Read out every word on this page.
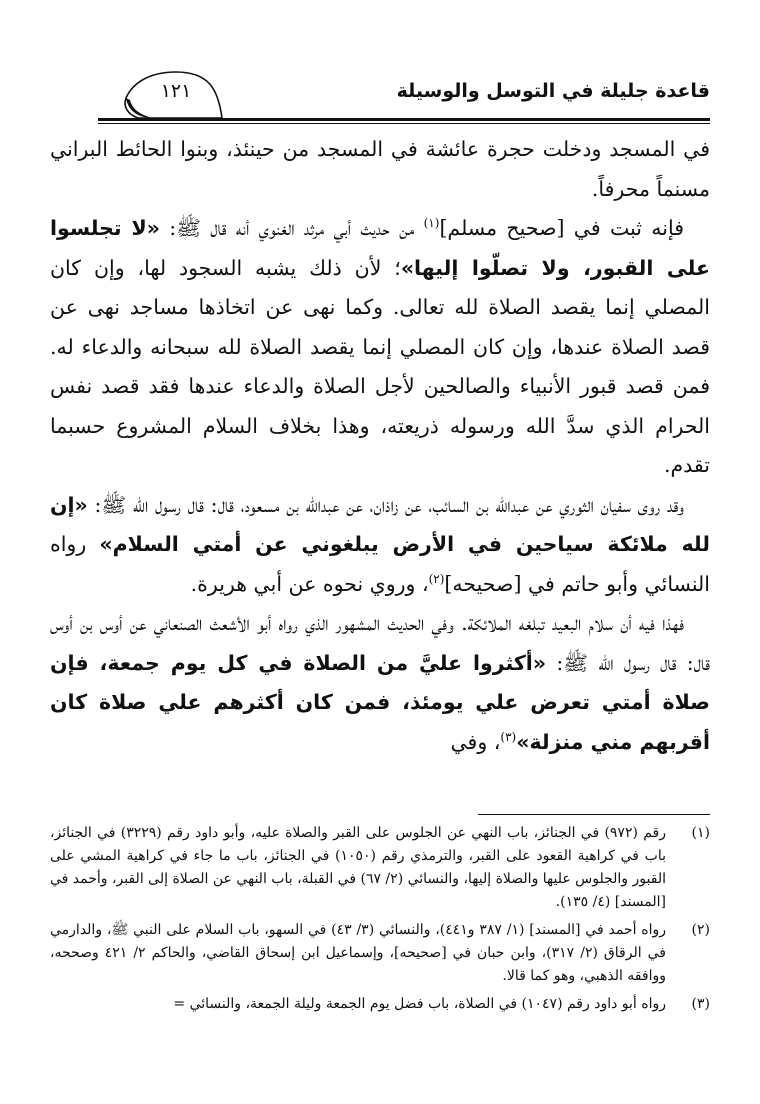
قاعدة جليلة في التوسل والوسيلة
١٢١

في المسجد ودخلت حجرة عائشة في المسجد من حينئذ، وبنوا الحائط البراني مسنماً محرفاً.

فإنه ثبت في [صحيح مسلم]$^{(١)}$ من حديث أبي مرثد الغنوي أنه قال ﷺ: «لا تجلسوا على القبور، ولا تصلّوا إليها»؛ لأن ذلك يشبه السجود لها، وإن كان المصلي إنما يقصد الصلاة لله تعالى. وكما نهى عن اتخاذها مساجد نهى عن قصد الصلاة عندها، وإن كان المصلي إنما يقصد الصلاة لله سبحانه والدعاء له. فمن قصد قبور الأنبياء والصالحين لأجل الصلاة والدعاء عندها فقد قصد نفس الحرام الذي سدَّ الله ورسوله ذريعته، وهذا بخلاف السلام المشروع حسبما تقدم.

وقد روى سفيان الثوري عن عبدالله بن السائب، عن زاذان، عن عبدالله بن مسعود، قال: قال رسول الله ﷺ: «إن لله ملائكة سياحين في الأرض يبلغوني عن أمتي السلام» رواه النسائي وأبو حاتم في [صحيحه]$^{(٢)}$، وروي نحوه عن أبي هريرة.

فهذا فيه أن سلام البعيد تبلغه الملائكة. وفي الحديث المشهور الذي رواه أبو الأشعث الصنعاني عن أوس بن أوس قال: قال رسول الله ﷺ: «أكثروا عليَّ من الصلاة في كل يوم جمعة، فإن صلاة أمتي تعرض علي يومئذ، فمن كان أكثرهم علي صلاة كان أقربهم مني منزلة»$^{(٣)}$، وفي

(١)
رقم (٩٧٢) في الجنائز، باب النهي عن الجلوس على القبر والصلاة عليه، وأبو داود رقم (٣٢٢٩) في الجنائز، باب في كراهية القعود على القبر، والترمذي رقم (١٠٥٠) في الجنائز، باب ما جاء في كراهية المشي على القبور والجلوس عليها والصلاة إليها، والنسائي (٢/ ٦٧) في القبلة، باب النهي عن الصلاة إلى القبر، وأحمد في [المسند] (٤/ ١٣٥).
(٢)
رواه أحمد في [المسند] (١/ ٣٨٧ و٤٤١)، والنسائي (٣/ ٤٣) في السهو، باب السلام على النبي ﷺ، والدارمي في الرقاق (٢/ ٣١٧)، وابن حبان في [صحيحه]، وإسماعيل ابن إسحاق القاضي، والحاكم ٢/ ٤٢١ وصححه، ووافقه الذهبي، وهو كما قالا.
(٣)
رواه أبو داود رقم (١٠٤٧) في الصلاة، باب فضل يوم الجمعة وليلة الجمعة، والنسائي =
